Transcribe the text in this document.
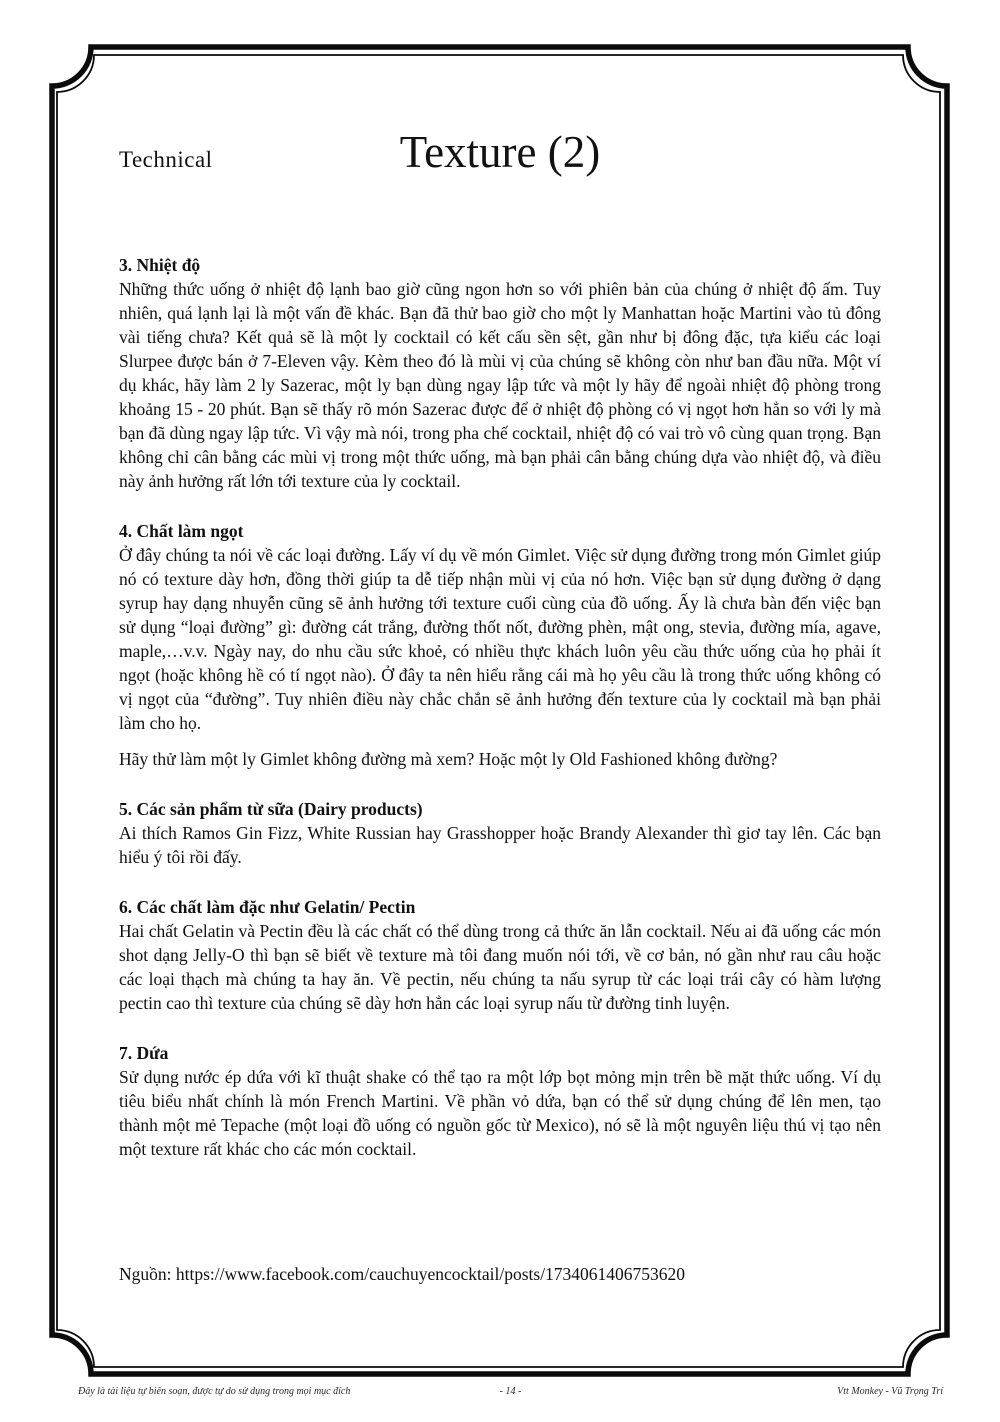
Technical	Texture (2)
3. Nhiệt độ

Những thức uống ở nhiệt độ lạnh bao giờ cũng ngon hơn so với phiên bản của chúng ở nhiệt độ ấm. Tuy nhiên, quá lạnh lại là một vấn đề khác. Bạn đã thử bao giờ cho một ly Manhattan hoặc Martini vào tủ đông vài tiếng chưa? Kết quả sẽ là một ly cocktail có kết cấu sền sệt, gần như bị đông đặc, tựa kiểu các loại Slurpee được bán ở 7-Eleven vậy. Kèm theo đó là mùi vị của chúng sẽ không còn như ban đầu nữa. Một ví dụ khác, hãy làm 2 ly Sazerac, một ly bạn dùng ngay lập tức và một ly hãy để ngoài nhiệt độ phòng trong khoảng 15 - 20 phút. Bạn sẽ thấy rõ món Sazerac được để ở nhiệt độ phòng có vị ngọt hơn hẳn so với ly mà bạn đã dùng ngay lập tức. Vì vậy mà nói, trong pha chế cocktail, nhiệt độ có vai trò vô cùng quan trọng. Bạn không chỉ cân bằng các mùi vị trong một thức uống, mà bạn phải cân bằng chúng dựa vào nhiệt độ, và điều này ảnh hưởng rất lớn tới texture của ly cocktail.

4. Chất làm ngọt

Ở đây chúng ta nói về các loại đường. Lấy ví dụ về món Gimlet. Việc sử dụng đường trong món Gimlet giúp nó có texture dày hơn, đồng thời giúp ta dễ tiếp nhận mùi vị của nó hơn. Việc bạn sử dụng đường ở dạng syrup hay dạng nhuyễn cũng sẽ ảnh hưởng tới texture cuối cùng của đồ uống. Ấy là chưa bàn đến việc bạn sử dụng “loại đường” gì: đường cát trắng, đường thốt nốt, đường phèn, mật ong, stevia, đường mía, agave, maple,…v.v. Ngày nay, do nhu cầu sức khoẻ, có nhiều thực khách luôn yêu cầu thức uống của họ phải ít ngọt (hoặc không hề có tí ngọt nào). Ở đây ta nên hiểu rằng cái mà họ yêu cầu là trong thức uống không có vị ngọt của “đường”. Tuy nhiên điều này chắc chắn sẽ ảnh hưởng đến texture của ly cocktail mà bạn phải làm cho họ.

Hãy thử làm một ly Gimlet không đường mà xem? Hoặc một ly Old Fashioned không đường?

5. Các sản phẩm từ sữa (Dairy products)

Ai thích Ramos Gin Fizz, White Russian hay Grasshopper hoặc Brandy Alexander thì giơ tay lên. Các bạn hiểu ý tôi rồi đấy.

6. Các chất làm đặc như Gelatin/ Pectin

Hai chất Gelatin và Pectin đều là các chất có thể dùng trong cả thức ăn lẫn cocktail. Nếu ai đã uống các món shot dạng Jelly-O thì bạn sẽ biết về texture mà tôi đang muốn nói tới, về cơ bản, nó gần như rau câu hoặc các loại thạch mà chúng ta hay ăn. Về pectin, nếu chúng ta nấu syrup từ các loại trái cây có hàm lượng pectin cao thì texture của chúng sẽ dày hơn hẳn các loại syrup nấu từ đường tinh luyện.

7. Dứa

Sử dụng nước ép dứa với kĩ thuật shake có thể tạo ra một lớp bọt mỏng mịn trên bề mặt thức uống. Ví dụ tiêu biểu nhất chính là món French Martini. Về phần vỏ dứa, bạn có thể sử dụng chúng để lên men, tạo thành một mẻ Tepache (một loại đồ uống có nguồn gốc từ Mexico), nó sẽ là một nguyên liệu thú vị tạo nên một texture rất khác cho các món cocktail.

Nguồn: https://www.facebook.com/cauchuyencocktail/posts/1734061406753620
Đây là tài liệu tự biên soạn, được tự do sử dụng trong mọi mục đích	- 14 -	Vtt Monkey - Vũ Trọng Trí
